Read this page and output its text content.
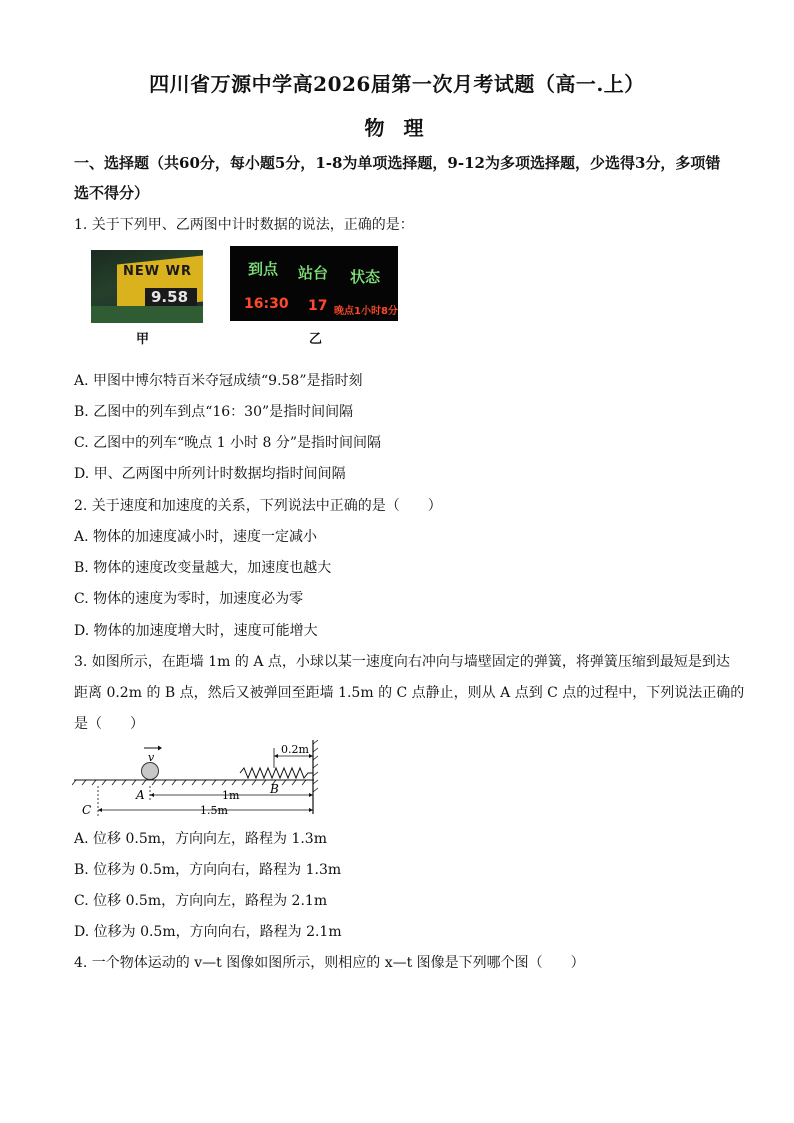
四川省万源中学高2026届第一次月考试题（高一.上）
物 理
一、选择题（共60分，每小题5分，1-8为单项选择题，9-12为多项选择题，少选得3分，多项错选不得分）
1. 关于下列甲、乙两图中计时数据的说法，正确的是：
NEW WR
9.58
甲
到点 站台 状态
16:30 17 晚点1小时8分
乙
A. 甲图中博尔特百米夺冠成绩“9.58”是指时刻
B. 乙图中的列车到点“16：30”是指时间间隔
C. 乙图中的列车“晚点 1 小时 8 分”是指时间间隔
D. 甲、乙两图中所列计时数据均指时间间隔
2. 关于速度和加速度的关系，下列说法中正确的是（　　）
A. 物体的加速度减小时，速度一定减小
B. 物体的速度改变量越大，加速度也越大
C. 物体的速度为零时，加速度必为零
D. 物体的加速度增大时，速度可能增大
3. 如图所示，在距墙 1m 的 A 点，小球以某一速度向右冲向与墙壁固定的弹簧，将弹簧压缩到最短是到达
距离 0.2m 的 B 点，然后又被弹回至距墙 1.5m 的 C 点静止，则从 A 点到 C 点的过程中，下列说法正确的
是（　　）
v
0.2m
A	1m	B
C	1.5m
A. 位移 0.5m，方向向左，路程为 1.3m
B. 位移为 0.5m，方向向右，路程为 1.3m
C. 位移 0.5m，方向向左，路程为 2.1m
D. 位移为 0.5m，方向向右，路程为 2.1m
4. 一个物体运动的 v—t 图像如图所示，则相应的 x—t 图像是下列哪个图（　　）
